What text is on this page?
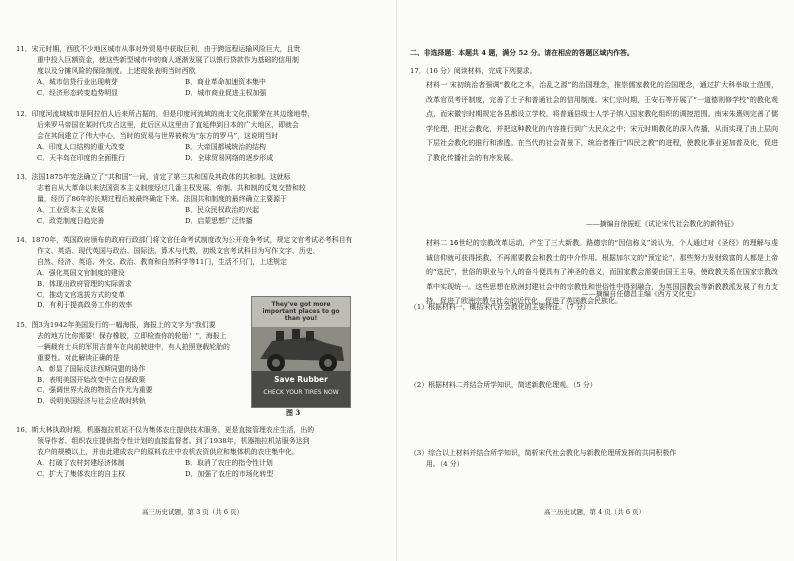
11．宋元时期，西欧不少地区城市从事对外贸易中获取巨利，由于跨远程运输风险巨大，且贵
重中投入巨额资金，使这些新型城市中的商人逐渐发展了以银行贷款作为基础的信用制
度以及分摊风险的保险制度。上述现象表明当时西欧
A．城市信贷行业出现萌芽	B．商业革命加速资本集中
C．经济形态转变趋势明显	D．城市商业促进主权加强
12．印度河流域城市是阿拉伯人后来所占据的，但是印度河流域的南北文化很繁荣在其边缘地带，
后来罗马帝国在某时代攻占这里，此后区从这里由了直延伸到日本的广大地区，即就会
会在其间建立了伟大中心，当时的贸易与世界被称为“东方的罗马”，这说明当时
A．印度人口结构的重大改变	B．大帝国都城统治的结构
C．天丰岛在印度的全面推行	D．全球贸易网络的逐步形成
13．法国1875年宪法确立了“共和国”一词，肯定了第三共和国及其政体的共和制。这就标
志着自从大革命以来法国资本主义制度经过几番主权发展、帝制、共和制的反复交替和较
量，经历了86年的长期过程后被最终确定下来。法国共和制度的最终确立主要源于
A．工业资本主义发展	B．民众民权政治的兴起
C．政党制度日趋完善	D．启蒙思想广泛传播
14．1870年，英国政府颁布的政府行政部门将文官任命考试制度改为公开竞争考试，规定文官考试必考科目有
作文、英语、现代英国与政治、国际法、算术与代数，初级文官考试科目为写作文字、历史、
自然、经济、英语、外交、政治、教育和自然科学等11门，生活不只门，上述规定
A．强化英国文官制度的建设
B．体现出政府管理的实际需求
C．推动文官选拔方式的变革
D．有利于提高政务工作的效率
15．图3为1942年美国发行的一幅海报，海报上的文字为“我们要
去的地方比你需要！保存橡胶，立即检查你的轮胎！”，海报上
一辆载有士兵的军用吉普车在向前驶进中，有人拍照登载轮胎的
重要性。对此解读正确的是
A．彰显了国际反法西斯同盟的协作
B．表明美国开始改变中立自保政策
C．强调世界大战的物资合作尤为重要
D．说明美国经济与社会应战时转轨
They've got more important places to go than you!
Save Rubber
CHECK YOUR TIRES NOW
图 3
16．斯大林执政时期，机器拖拉机站不仅为集体农庄提供技术服务，更是直接管理农庄生活，出的
领导作者、组织农庄提供指令性计划的直接监督者。到了1938年，机器拖拉机站服务达到
农户的规模以上，并由此建成农户的原料农庄中农机农资供应和集体机的农庄集中化。
A．打破了农村封建经济体制	B．取消了农庄的指令性计划
C．扩大了集体农庄的自主权	D．加强了农庄的市场化转型
高三历史试题，第 3 页（共 6 页）
二、非选择题：本题共 4 题，满分 52 分。请在相应的答题区域内作答。
17．（16 分）阅读材料，完成下列要求。
材料一 宋初统治者强调“教化之本，治乱之源”的治国理念，推崇儒家教化的治国理念，通过扩大科举取士范围，改革官员考评制度，完善了士子和普通社会的信用制度。宋仁宗时期，王安石等开展了“一道德则修学校”的教化观点，而宋徽宗时期规定各县都设立学校，将普通县级士人学子纳入国家教化组织的调控范围。南宋朱熹则完善了儒学伦理，把社会教化，并把这种教化的内容推行到广大民众之中；宋元时期教化的深入传播，从而实现了由上层向下层社会教化的推行和渗透。在当代的社会背景下，统治者推行“四民之教”的进程，使教化事业更加普及化，促进了教化传播社会的有序发展。
——摘编自徐振虹《试论宋代社会教化的新特征》
材料二 16世纪的宗教改革运动，产生了三大新教。路德宗的“因信称义”说认为，个人通过对《圣经》的理解与虔诚信仰就可获得拯救，不再需要教会和教士的中介作用。根据加尔文的“预定论”，那些努力发财致富的人都是上帝的“选民”，世俗的职业与个人的奋斗便具有了神圣的意义，而国家教会需要由国王主导，使政教关系在国家宗教改革中实现统一。这些思想在欧洲封建社会中的宗教性和世俗性中得到融合，为英国国教会等新教教派发展了有力支持，促进了欧洲宗教与社会的近代化，促进了英国教会民族化。
——摘编自任德昌主编《西方文化史》
（1）根据材料一，概括宋代社会教化的主要特征。（7 分）
（2）根据材料二并结合所学知识，简述新教伦理观。（5 分）
（3）综合以上材料并结合所学知识，简析宋代社会教化与新教伦理所发挥的共同积极作
用。（4 分）
高三历史试题，第 4 页（共 6 页）
